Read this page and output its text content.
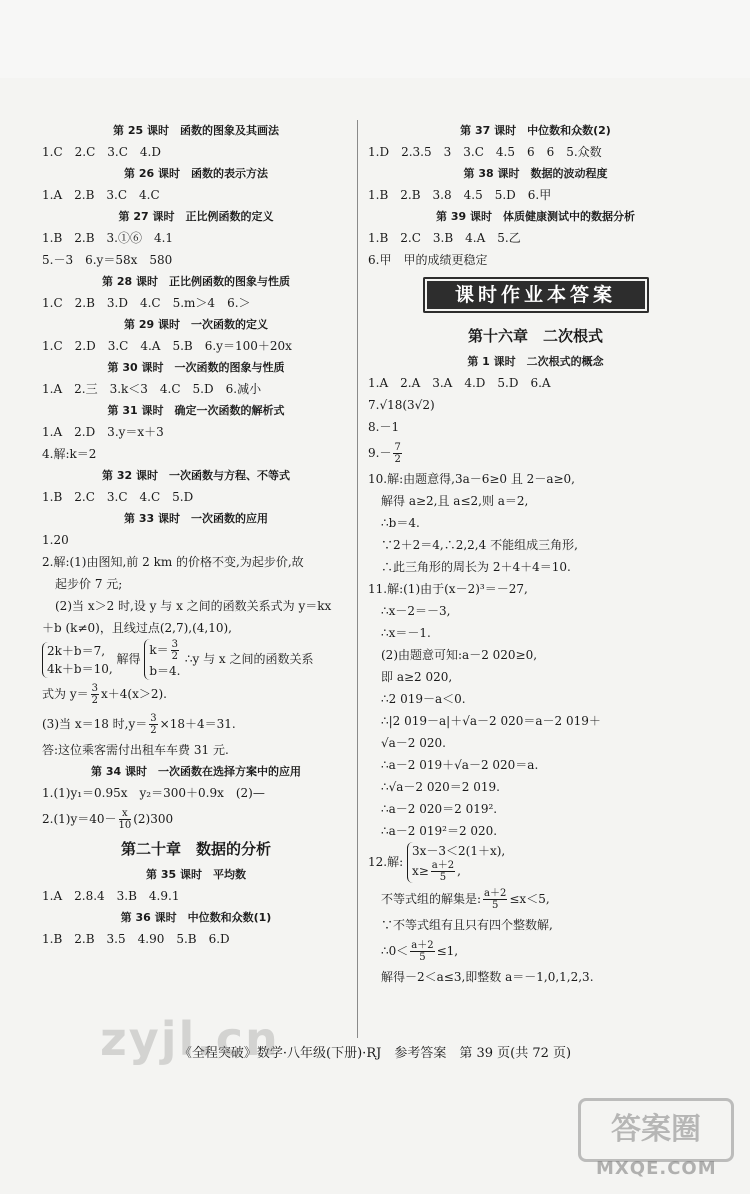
第 25 课时　函数的图象及其画法
1.C　2.C　3.C　4.D
第 26 课时　函数的表示方法
1.A　2.B　3.C　4.C
第 27 课时　正比例函数的定义
1.B　2.B　3.①⑥　4.1
5.－3　6.y＝58x　580
第 28 课时　正比例函数的图象与性质
1.C　2.B　3.D　4.C　5.m＞4　6.＞
第 29 课时　一次函数的定义
1.C　2.D　3.C　4.A　5.B　6.y＝100＋20x
第 30 课时　一次函数的图象与性质
1.A　2.三　3.k＜3　4.C　5.D　6.减小
第 31 课时　确定一次函数的解析式
1.A　2.D　3.y＝x＋3
4.解:k＝2
第 32 课时　一次函数与方程、不等式
1.B　2.C　3.C　4.C　5.D
第 33 课时　一次函数的应用
1.20
2.解:(1)由图知,前 2 km 的价格不变,为起步价,故
起步价 7 元;
(2)当 x＞2 时,设 y 与 x 之间的函数关系式为 y＝kx
＋b (k≠0)，且线过点(2,7),(4,10),
2k＋b＝7,
4k＋b＝10,
解得
$k= \frac{3}{2}$
b＝4.
∴y 与 x 之间的函数关系
式为 $y= \frac{3}{2} x+4(x>2)$.
(3)当 x＝18 时$,y= \frac{3}{2} \times 18+4=31$.
答:这位乘客需付出租车车费 31 元.
第 34 课时　一次函数在选择方案中的应用
1.(1)y₁＝0.95x　y₂＝300＋0.9x　(2)—
$2.(1)y=40- \frac{x}{10} (2)300$
第二十章　数据的分析
第 35 课时　平均数
1.A　2.8.4　3.B　4.9.1
第 36 课时　中位数和众数(1)
1.B　2.B　3.5　4.90　5.B　6.D
第 37 课时　中位数和众数(2)
1.D　2.3.5　3　3.C　4.5　6　6　5.众数
第 38 课时　数据的波动程度
1.B　2.B　3.8　4.5　5.D　6.甲
第 39 课时　体质健康测试中的数据分析
1.B　2.C　3.B　4.A　5.乙
6.甲　甲的成绩更稳定
课时作业本答案
第十六章　二次根式
第 1 课时　二次根式的概念
1.A　2.A　3.A　4.D　5.D　6.A
7.√18(3√2)
8.－1
$9.- \frac{7}{2}$
10.解:由题意得,3a－6≥0 且 2－a≥0,
解得 a≥2,且 a≤2,则 a＝2,
∴b＝4.
∵2＋2＝4,∴2,2,4 不能组成三角形,
∴此三角形的周长为 2＋4＋4＝10.
11.解:(1)由于(x－2)³＝－27,
∴x－2＝－3,
∴x＝－1.
(2)由题意可知:a－2 020≥0,
即 a≥2 020,
∴2 019－a＜0.
∴|2 019－a|＋√a－2 020＝a－2 019＋
√a－2 020.
∴a－2 019＋√a－2 020＝a.
∴√a－2 020＝2 019.
∴a－2 020＝2 019².
∴a－2 019²＝2 020.
12.解:
3x－3＜2(1＋x),
$x\ge \frac{a+2}{5}$ ,
不等式组的解集是: $\frac{a+2}{5} \le x<5$,
∵不等式组有且只有四个整数解,
∴0＜ $\frac{a+2}{5} \le 1$,
解得－2＜a≤3,即整数 a＝－1,0,1,2,3.
《全程突破》数学·八年级(下册)·RJ　参考答案　第 39 页(共 72 页)
zyjl.cn
答案圈
MXQE.COM
